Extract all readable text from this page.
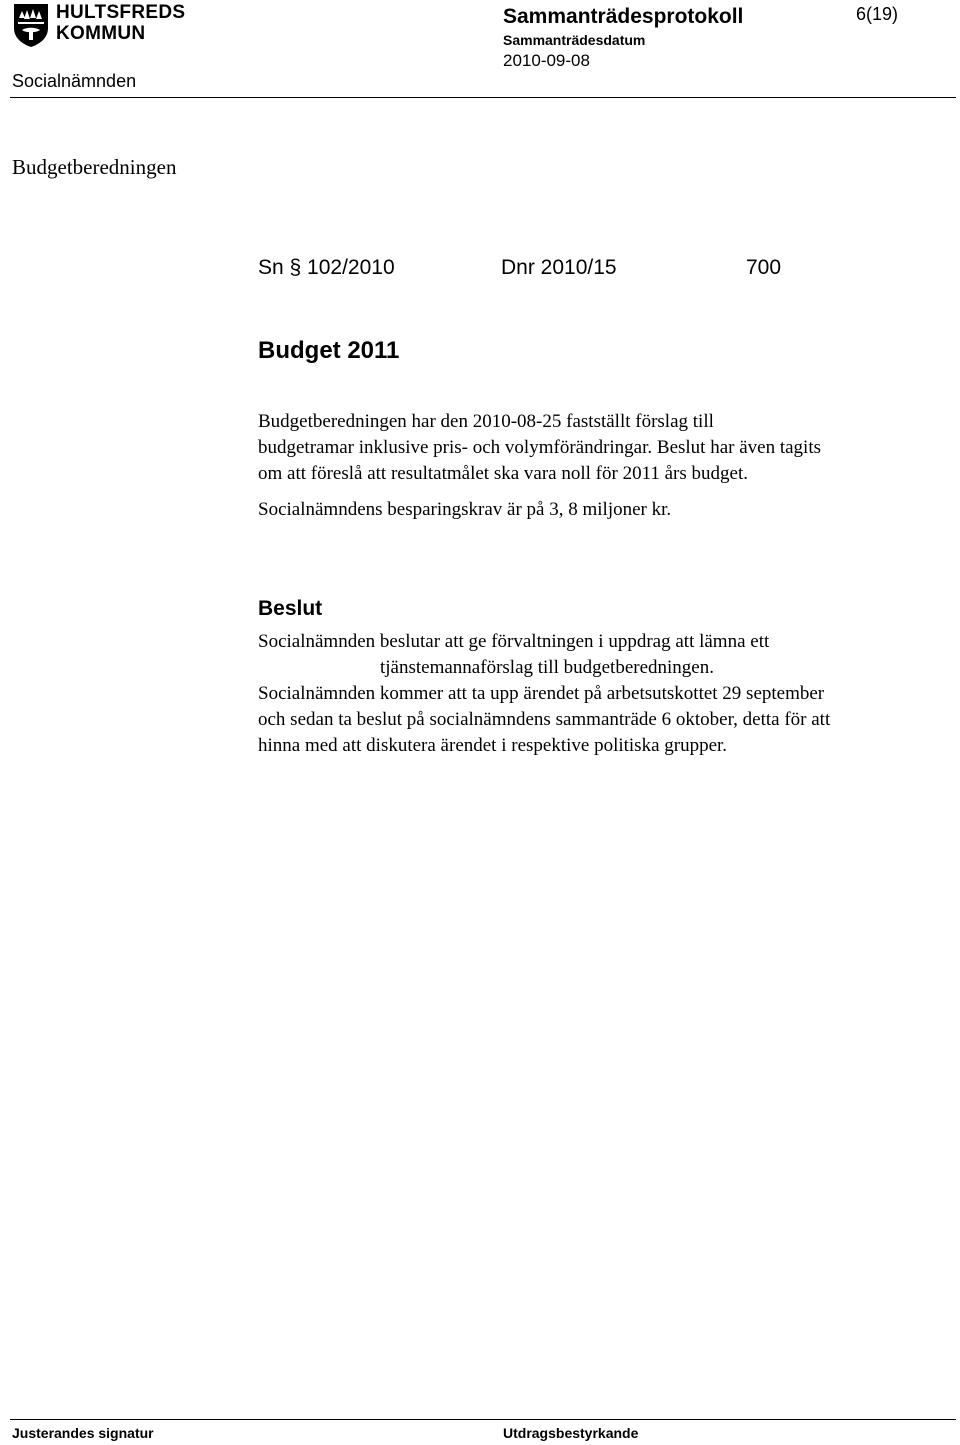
HULTSFREDS
KOMMUN
Sammanträdesprotokoll	6(19)
Sammanträdesdatum
2010-09-08
Socialnämnden
Budgetberedningen
Sn § 102/2010	Dnr 2010/15	700
Budget 2011

Budgetberedningen har den 2010-08-25 fastställt förslag till
budgetramar inklusive pris- och volymförändringar. Beslut har även tagits
om att föreslå att resultatmålet ska vara noll för 2011 års budget.

Socialnämndens besparingskrav är på 3, 8 miljoner kr.

Beslut
Socialnämnden beslutar att ge förvaltningen i uppdrag att lämna ett
tjänstemannaförslag till budgetberedningen.
Socialnämnden kommer att ta upp ärendet på arbetsutskottet 29 september
och sedan ta beslut på socialnämndens sammanträde 6 oktober, detta för att
hinna med att diskutera ärendet i respektive politiska grupper.
Justerandes signatur	Utdragsbestyrkande
